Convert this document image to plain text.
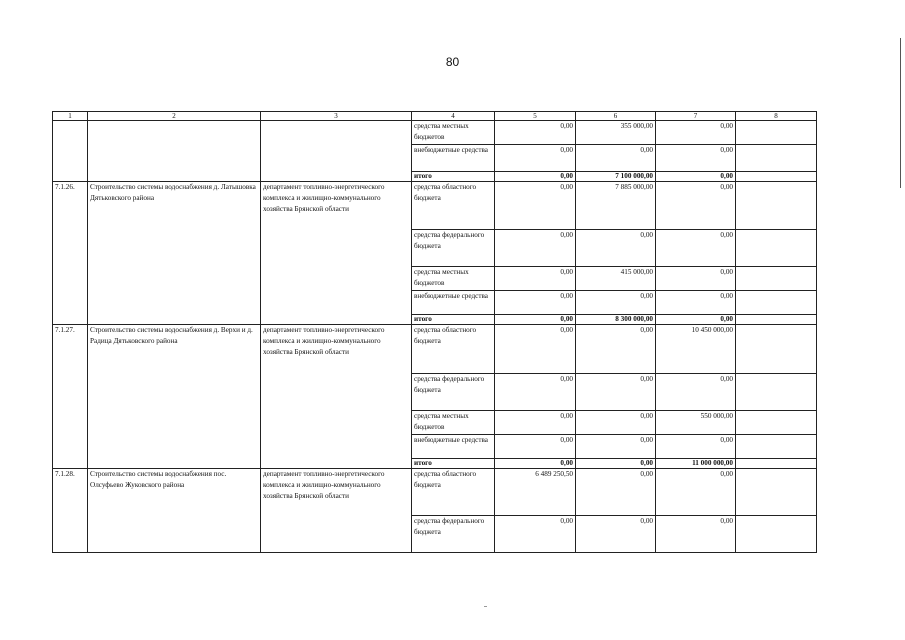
80
1	2	3	4	5	6	7	8
			средства местных бюджетов	0,00	355 000,00	0,00	
			внебюджетные средства	0,00	0,00	0,00	
			итого	0,00	7 100 000,00	0,00	
7.1.26.	Строительство системы водоснабжения д. Латышовка Дятьковского района	департамент топливно-энергетического комплекса и жилищно-коммунального хозяйства Брянской области	средства областного бюджета	0,00	7 885 000,00	0,00	
			средства федерального бюджета	0,00	0,00	0,00	
			средства местных бюджетов	0,00	415 000,00	0,00	
			внебюджетные средства	0,00	0,00	0,00	
			итого	0,00	8 300 000,00	0,00	
7.1.27.	Строительство системы водоснабжения д. Верхи и д. Радица Дятьковского района	департамент топливно-энергетического комплекса и жилищно-коммунального хозяйства Брянской области	средства областного бюджета	0,00	0,00	10 450 000,00	
			средства федерального бюджета	0,00	0,00	0,00	
			средства местных бюджетов	0,00	0,00	550 000,00	
			внебюджетные средства	0,00	0,00	0,00	
			итого	0,00	0,00	11 000 000,00	
7.1.28.	Строительство системы водоснабжения пос. Олсуфьево Жуковского района	департамент топливно-энергетического комплекса и жилищно-коммунального хозяйства Брянской области	средства областного бюджета	6 489 250,50	0,00	0,00	
			средства федерального бюджета	0,00	0,00	0,00	
